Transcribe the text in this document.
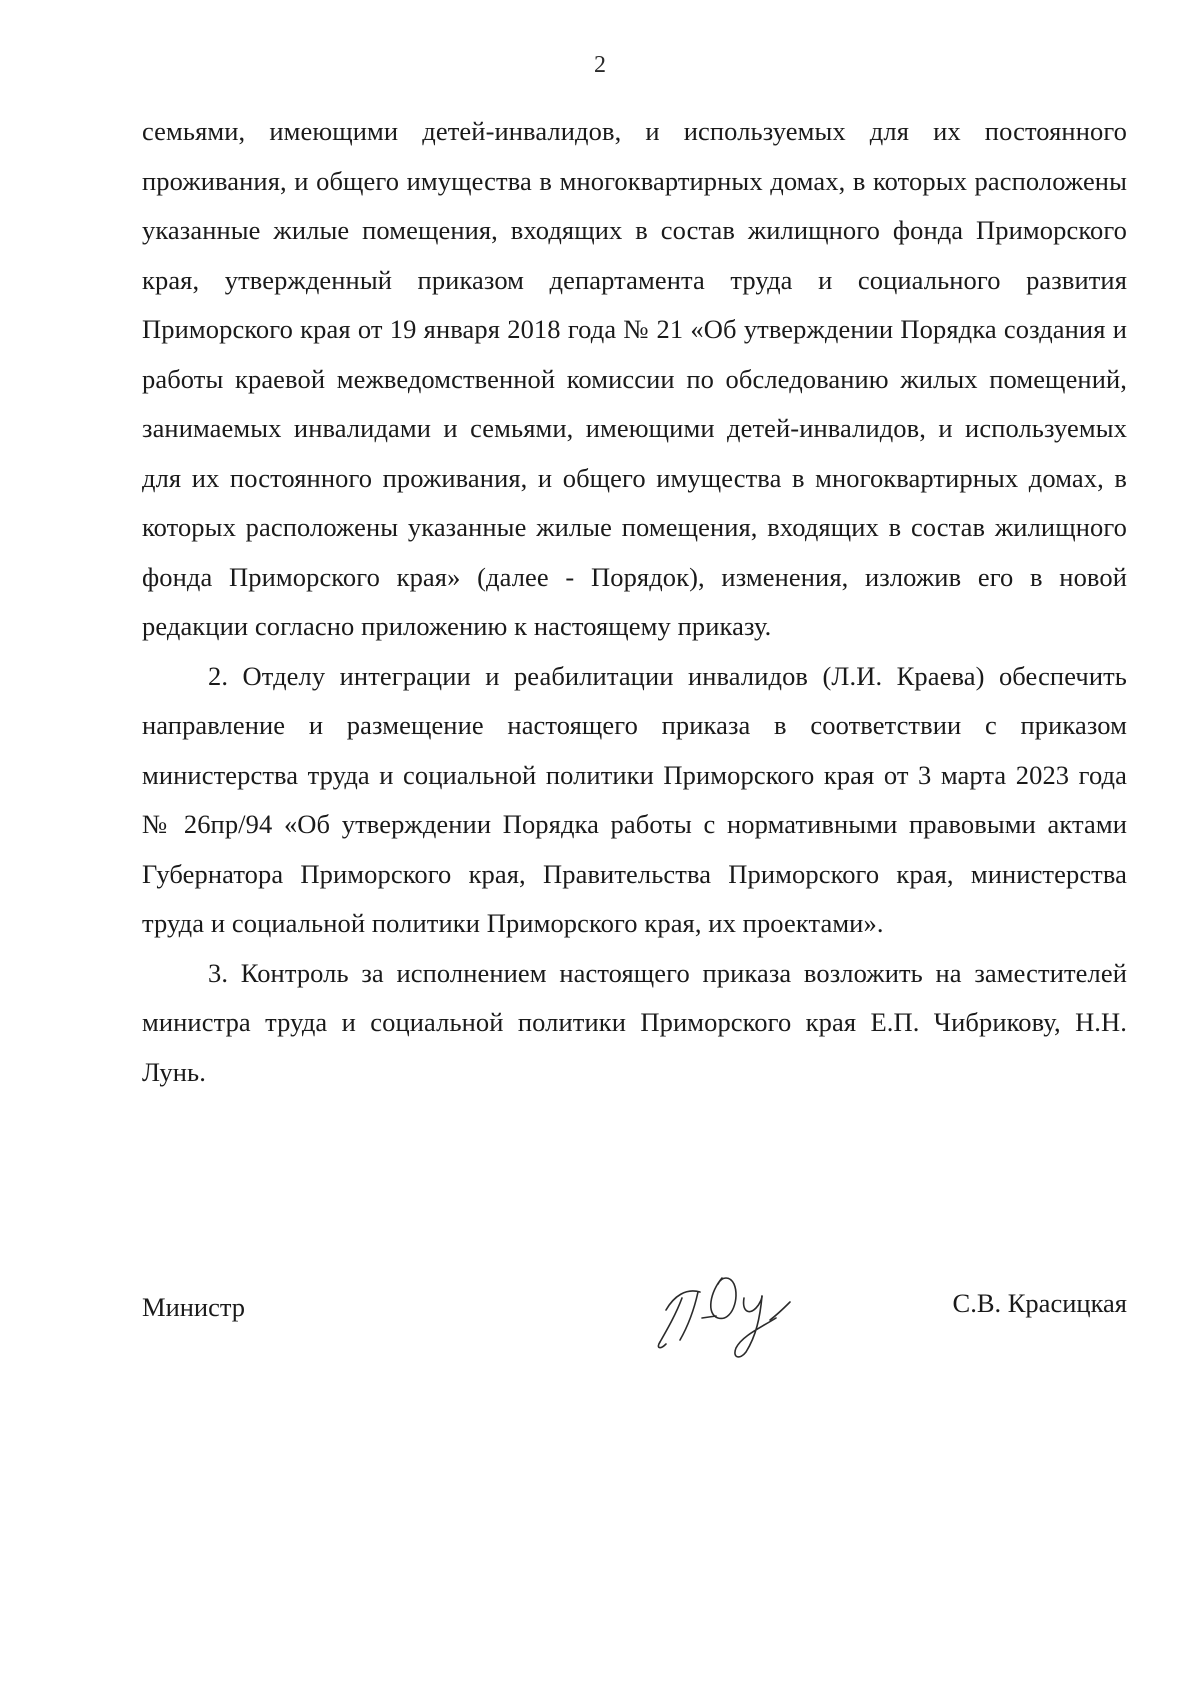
2

семьями, имеющими детей-инвалидов, и используемых для их постоянного проживания, и общего имущества в многоквартирных домах, в которых расположены указанные жилые помещения, входящих в состав жилищного фонда Приморского края, утвержденный приказом департамента труда и социального развития Приморского края от 19 января 2018 года № 21 «Об утверждении Порядка создания и работы краевой межведомственной комиссии по обследованию жилых помещений, занимаемых инвалидами и семьями, имеющими детей-инвалидов, и используемых для их постоянного проживания, и общего имущества в многоквартирных домах, в которых расположены указанные жилые помещения, входящих в состав жилищного фонда Приморского края» (далее - Порядок), изменения, изложив его в новой редакции согласно приложению к настоящему приказу.

2. Отделу интеграции и реабилитации инвалидов (Л.И. Краева) обеспечить направление и размещение настоящего приказа в соответствии с приказом министерства труда и социальной политики Приморского края от 3 марта 2023 года № 26пр/94 «Об утверждении Порядка работы с нормативными правовыми актами Губернатора Приморского края, Правительства Приморского края, министерства труда и социальной политики Приморского края, их проектами».

3. Контроль за исполнением настоящего приказа возложить на заместителей министра труда и социальной политики Приморского края Е.П. Чибрикову, Н.Н. Лунь.

Министр	С.В. Красицкая
